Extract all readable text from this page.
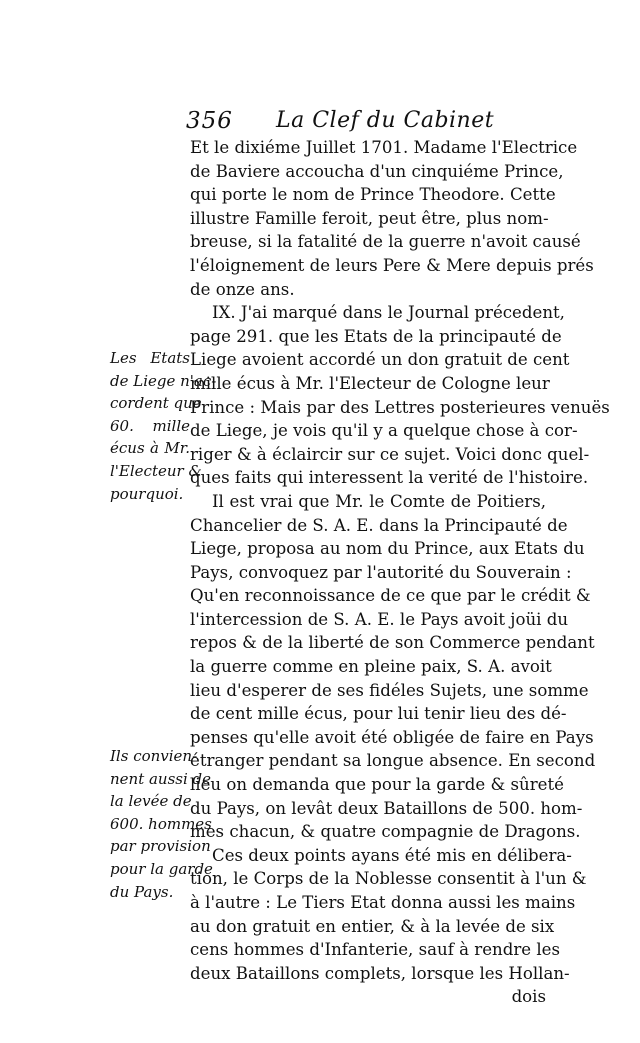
356 La Clef du Cabinet
Les Etats
de Liege n'ac-
cordent que
60. mille
écus à Mr.
l'Electeur &
pourquoi.
Ils convien-
nent aussi de
la levée de
600. hommes
par provision
pour la garde
du Pays.
Et le dixiéme Juillet 1701. Madame l'Electrice
de Baviere accoucha d'un cinquiéme Prince,
qui porte le nom de Prince Theodore. Cette
illustre Famille feroit, peut être, plus nom-
breuse, si la fatalité de la guerre n'avoit causé
l'éloignement de leurs Pere & Mere depuis prés
de onze ans.
IX. J'ai marqué dans le Journal précedent,
page 291. que les Etats de la principauté de
Liege avoient accordé un don gratuit de cent
mille écus à Mr. l'Electeur de Cologne leur
Prince : Mais par des Lettres posterieures venuës
de Liege, je vois qu'il y a quelque chose à cor-
riger & à éclaircir sur ce sujet. Voici donc quel-
ques faits qui interessent la verité de l'histoire.
Il est vrai que Mr. le Comte de Poitiers,
Chancelier de S. A. E. dans la Principauté de
Liege, proposa au nom du Prince, aux Etats du
Pays, convoquez par l'autorité du Souverain :
Qu'en reconnoissance de ce que par le crédit &
l'intercession de S. A. E. le Pays avoit joüi du
repos & de la liberté de son Commerce pendant
la guerre comme en pleine paix, S. A. avoit
lieu d'esperer de ses fidéles Sujets, une somme
de cent mille écus, pour lui tenir lieu des dé-
penses qu'elle avoit été obligée de faire en Pays
étranger pendant sa longue absence. En second
lieu on demanda que pour la garde & sûreté
du Pays, on levât deux Bataillons de 500. hom-
mes chacun, & quatre compagnie de Dragons.
Ces deux points ayans été mis en délibera-
tion, le Corps de la Noblesse consentit à l'un &
à l'autre : Le Tiers Etat donna aussi les mains
au don gratuit en entier, & à la levée de six
cens hommes d'Infanterie, sauf à rendre les
deux Bataillons complets, lorsque les Hollan-
dois
